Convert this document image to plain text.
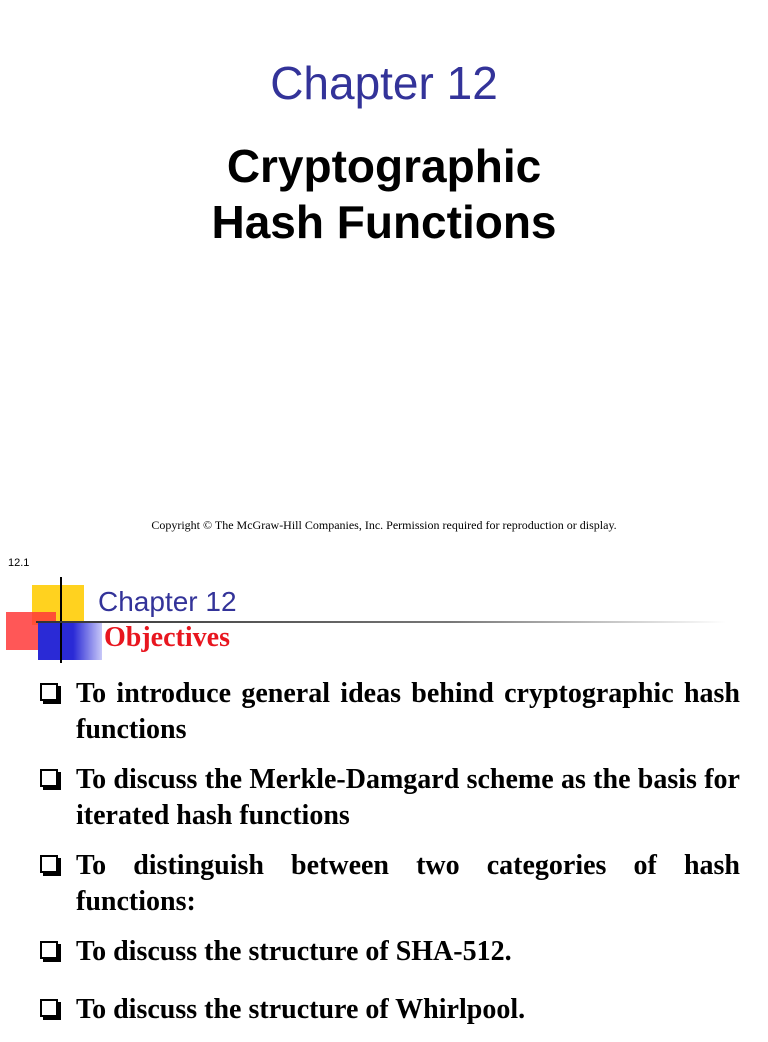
Chapter 12
Cryptographic
Hash Functions
Copyright © The McGraw-Hill Companies, Inc. Permission required for reproduction or display.
12.1
Chapter 12
Objectives
To introduce general ideas behind cryptographic hash functions
To discuss the Merkle-Damgard scheme as the basis for iterated hash functions
To distinguish between two categories of hash functions:
To discuss the structure of SHA-512.
To discuss the structure of Whirlpool.
